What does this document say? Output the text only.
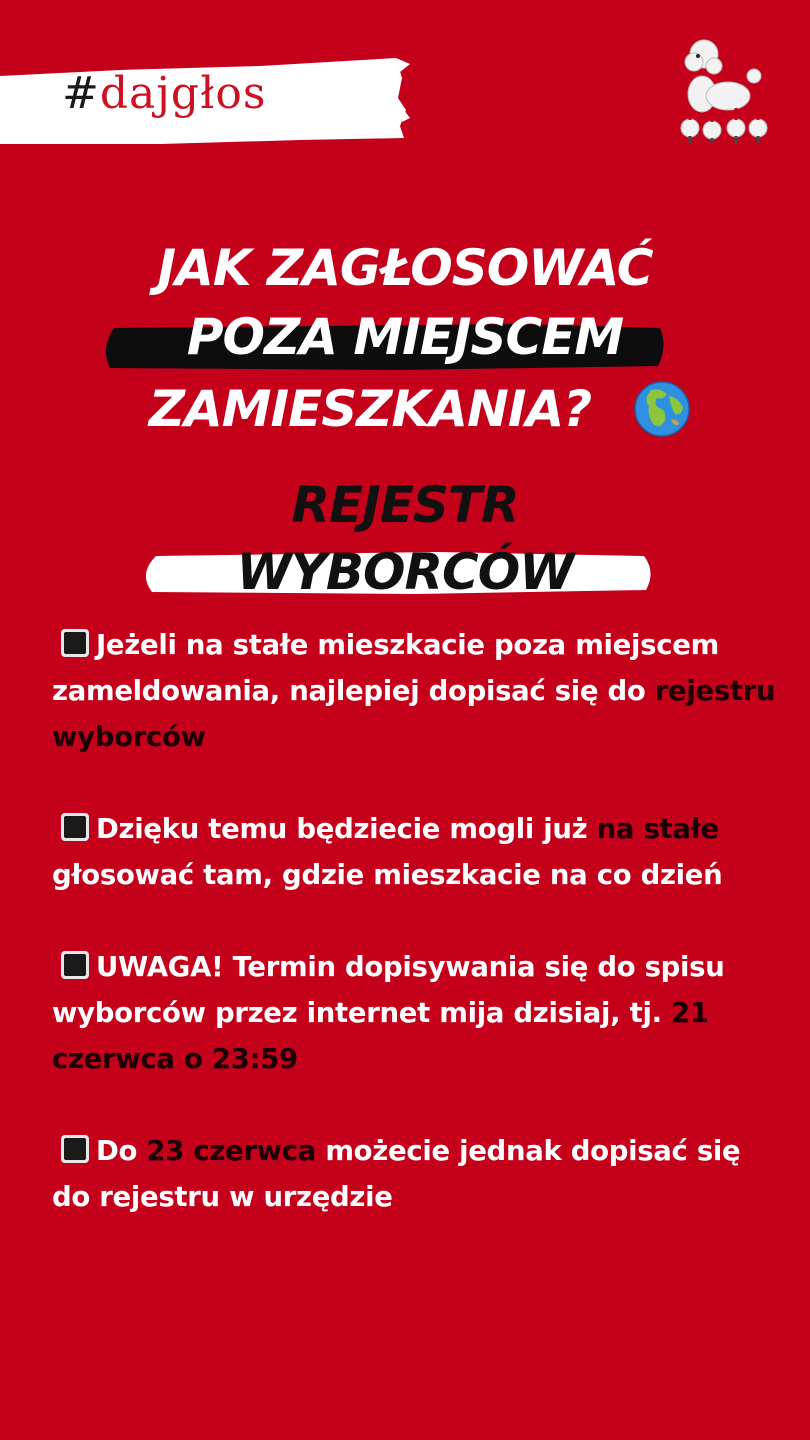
#dajgłos
JAK ZAGŁOSOWAĆ
POZA MIEJSCEM
ZAMIESZKANIA?
REJESTR
WYBORCÓW
Jeżeli na stałe mieszkacie poza miejscem zameldowania, najlepiej dopisać się do rejestru wyborców
Dzięku temu będziecie mogli już na stałe głosować tam, gdzie mieszkacie na co dzień
UWAGA! Termin dopisywania się do spisu wyborców przez internet mija dzisiaj, tj. 21 czerwca o 23:59
Do 23 czerwca możecie jednak dopisać się do rejestru w urzędzie
